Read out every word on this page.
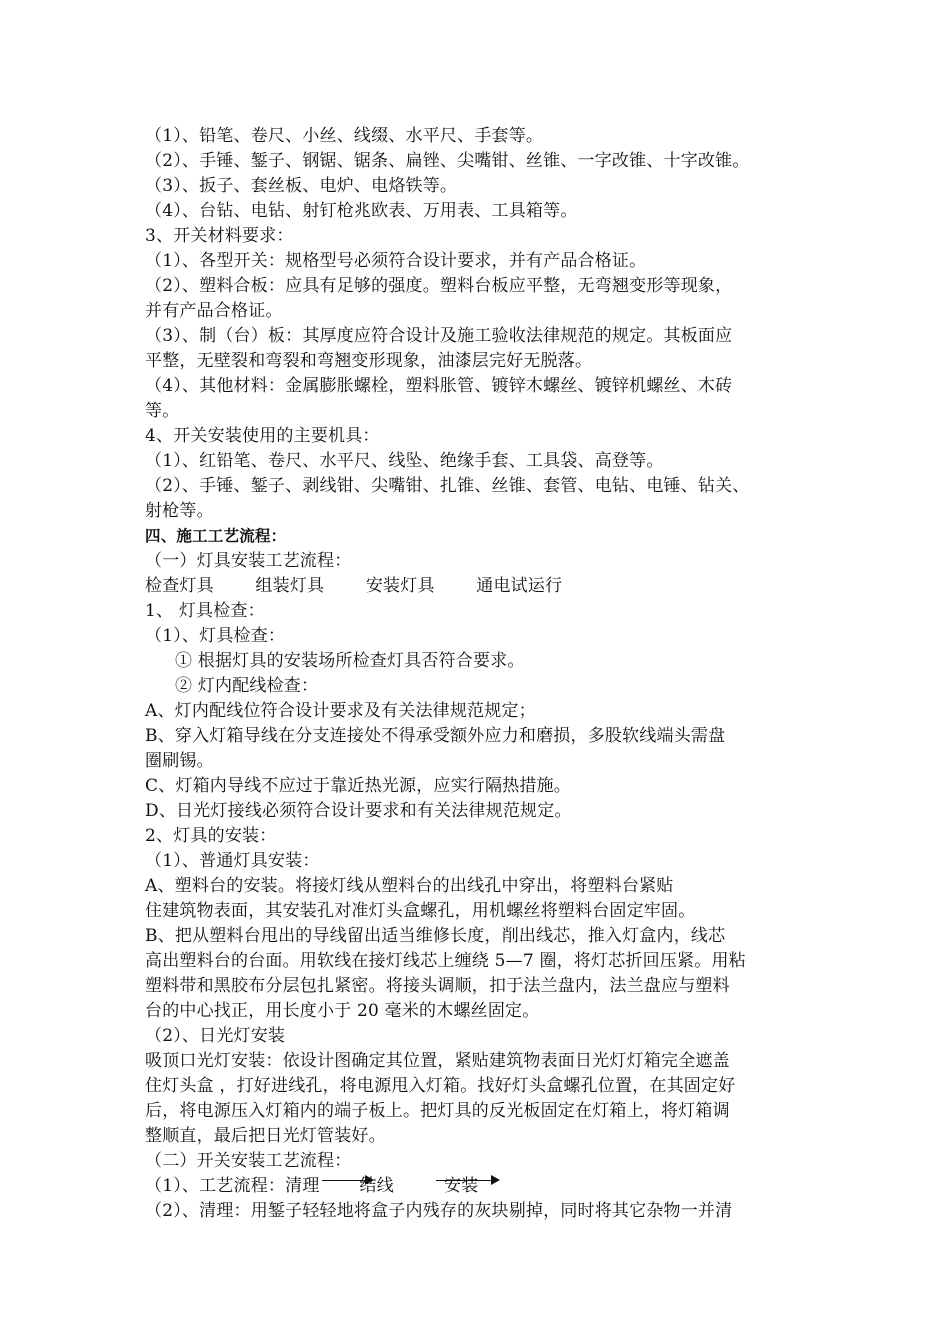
（1）、铅笔、卷尺、小丝、线缀、水平尺、手套等。
（2）、手锤、錾子、钢锯、锯条、扁锉、尖嘴钳、丝锥、一字改锥、十字改锥。
（3）、扳子、套丝板、电炉、电烙铁等。
（4）、台钻、电钻、射钉枪兆欧表、万用表、工具箱等。
3、开关材料要求：
（1）、各型开关：规格型号必须符合设计要求，并有产品合格证。
（2）、塑料合板：应具有足够的强度。塑料台板应平整，无弯翘变形等现象，
并有产品合格证。
（3）、制（台）板：其厚度应符合设计及施工验收法律规范的规定。其板面应
平整，无壁裂和弯裂和弯翘变形现象，油漆层完好无脱落。
（4）、其他材料：金属膨胀螺栓，塑料胀管、镀锌木螺丝、镀锌机螺丝、木砖
等。
4、开关安装使用的主要机具：
（1）、红铅笔、卷尺、水平尺、线坠、绝缘手套、工具袋、高登等。
（2）、手锤、錾子、剥线钳、尖嘴钳、扎锥、丝锥、套管、电钻、电锤、钻关、
射枪等。
四、施工工艺流程：
（一）灯具安装工艺流程：
检查灯具 组装灯具 安装灯具 通电试运行
1、 灯具检查：
（1）、灯具检查：
① 根据灯具的安装场所检查灯具否符合要求。
② 灯内配线检查：
A、灯内配线位符合设计要求及有关法律规范规定；
B、穿入灯箱导线在分支连接处不得承受额外应力和磨损，多股软线端头需盘
圈刷锡。
C、灯箱内导线不应过于靠近热光源，应实行隔热措施。
D、日光灯接线必须符合设计要求和有关法律规范规定。
2、灯具的安装：
（1）、普通灯具安装：
A、塑料台的安装。将接灯线从塑料台的出线孔中穿出，将塑料台紧贴
住建筑物表面，其安装孔对准灯头盒螺孔，用机螺丝将塑料台固定牢固。
B、把从塑料台甩出的导线留出适当维修长度，削出线芯，推入灯盒内，线芯
高出塑料台的台面。用软线在接灯线芯上缠绕 5—7 圈，将灯芯折回压紧。用粘
塑料带和黑胶布分层包扎紧密。将接头调顺，扣于法兰盘内，法兰盘应与塑料
台的中心找正，用长度小于 20 毫米的木螺丝固定。
（2）、日光灯安装
吸顶口光灯安装：依设计图确定其位置，紧贴建筑物表面日光灯灯箱完全遮盖
住灯头盒 ，打好进线孔，将电源甩入灯箱。找好灯头盒螺孔位置，在其固定好
后，将电源压入灯箱内的端子板上。把灯具的反光板固定在灯箱上，将灯箱调
整顺直，最后把日光灯管装好。
（二）开关安装工艺流程：
（1）、工艺流程：清理 结线	安装
（2）、清理：用錾子轻轻地将盒子内残存的灰块剔掉，同时将其它杂物一并清
